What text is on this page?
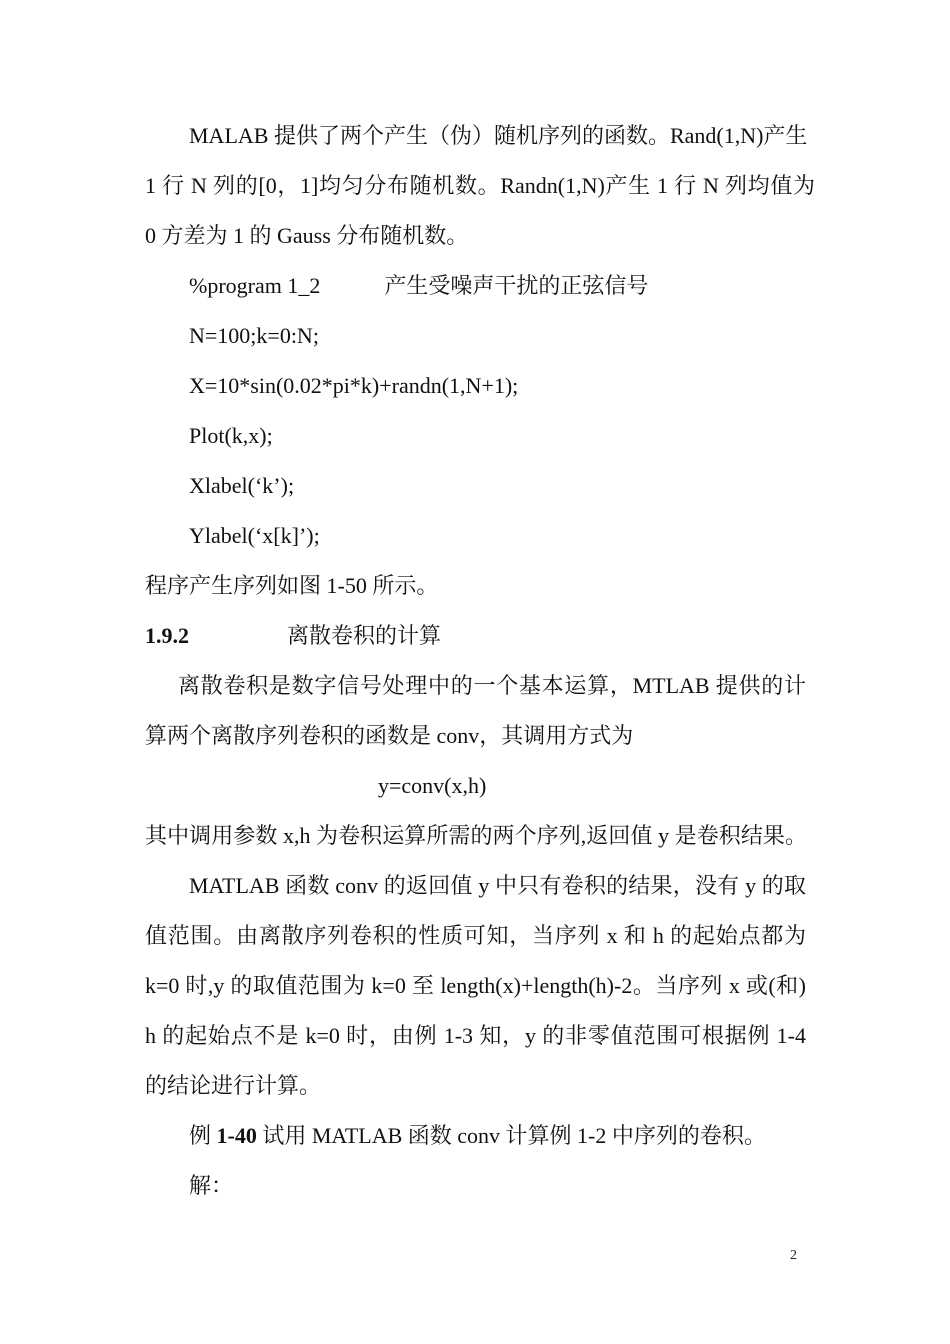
MALAB 提供了两个产生（伪）随机序列的函数。Rand(1,N)产生

1 行 N 列的[0，1]均匀分布随机数。Randn(1,N)产生 1 行 N 列均值为

0 方差为 1 的 Gauss 分布随机数。

%program 1_2	产生受噪声干扰的正弦信号

N=100;k=0:N;

X=10*sin(0.02*pi*k)+randn(1,N+1);

Plot(k,x);

Xlabel(‘k’);

Ylabel(‘x[k]’);

程序产生序列如图 1-50 所示。

1.9.2	离散卷积的计算

离散卷积是数字信号处理中的一个基本运算，MTLAB 提供的计

算两个离散序列卷积的函数是 conv，其调用方式为

y=conv(x,h)

其中调用参数 x,h 为卷积运算所需的两个序列,返回值 y 是卷积结果。

MATLAB 函数 conv 的返回值 y 中只有卷积的结果，没有 y 的取

值范围。由离散序列卷积的性质可知，当序列 x 和 h 的起始点都为

k=0 时,y 的取值范围为 k=0 至 length(x)+length(h)-2。当序列 x 或(和)

h 的起始点不是 k=0 时，由例 1-3 知，y 的非零值范围可根据例 1-4

的结论进行计算。

例 1-40 试用 MATLAB 函数 conv 计算例 1-2 中序列的卷积。

解：

2
